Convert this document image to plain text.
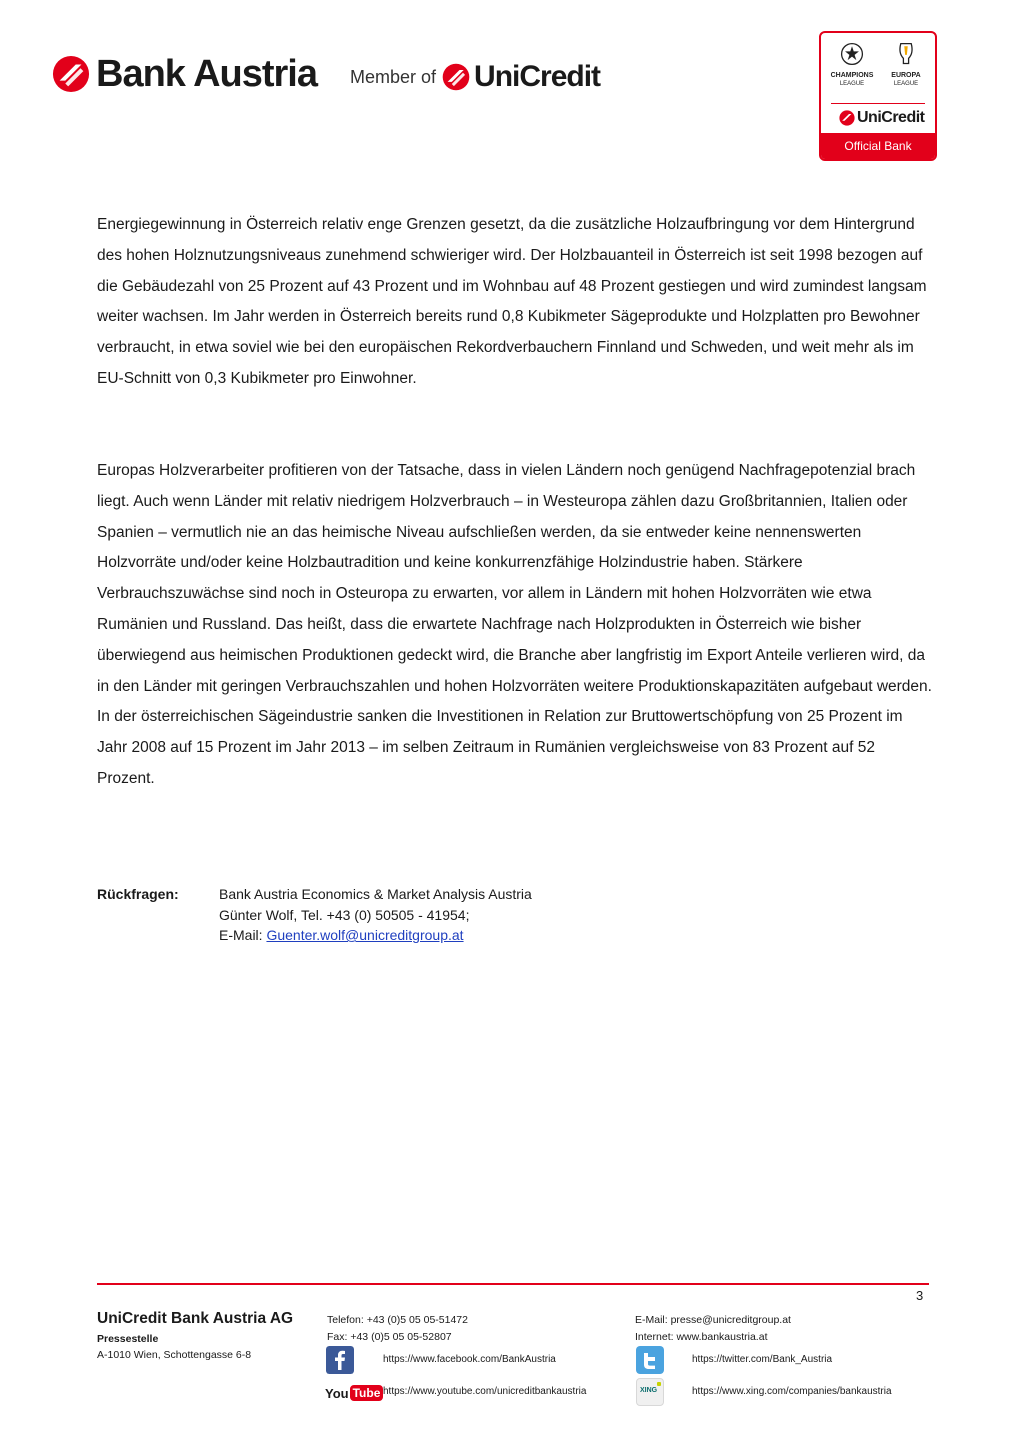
Bank Austria Member of UniCredit	CHAMPIONS
LEAGUE
EUROPA
LEAGUE
UniCredit
Official Bank
Energiegewinnung in Österreich relativ enge Grenzen gesetzt, da die zusätzliche Holzaufbringung vor dem Hintergrund des hohen Holznutzungsniveaus zunehmend schwieriger wird. Der Holzbauanteil in Österreich ist seit 1998 bezogen auf die Gebäudezahl von 25 Prozent auf 43 Prozent und im Wohnbau auf 48 Prozent gestiegen und wird zumindest langsam weiter wachsen. Im Jahr werden in Österreich bereits rund 0,8 Kubikmeter Sägeprodukte und Holzplatten pro Bewohner verbraucht, in etwa soviel wie bei den europäischen Rekordverbauchern Finnland und Schweden, und weit mehr als im EU-Schnitt von 0,3 Kubikmeter pro Einwohner.
Europas Holzverarbeiter profitieren von der Tatsache, dass in vielen Ländern noch genügend Nachfragepotenzial brach liegt. Auch wenn Länder mit relativ niedrigem Holzverbrauch – in Westeuropa zählen dazu Großbritannien, Italien oder Spanien – vermutlich nie an das heimische Niveau aufschließen werden, da sie entweder keine nennenswerten Holzvorräte und/oder keine Holzbautradition und keine konkurrenzfähige Holzindustrie haben. Stärkere Verbrauchszuwächse sind noch in Osteuropa zu erwarten, vor allem in Ländern mit hohen Holzvorräten wie etwa Rumänien und Russland. Das heißt, dass die erwartete Nachfrage nach Holzprodukten in Österreich wie bisher überwiegend aus heimischen Produktionen gedeckt wird, die Branche aber langfristig im Export Anteile verlieren wird, da in den Länder mit geringen Verbrauchszahlen und hohen Holzvorräten weitere Produktionskapazitäten aufgebaut werden. In der österreichischen Sägeindustrie sanken die Investitionen in Relation zur Bruttowertschöpfung von 25 Prozent im Jahr 2008 auf 15 Prozent im Jahr 2013 – im selben Zeitraum in Rumänien vergleichsweise von 83 Prozent auf 52 Prozent.
Rückfragen:	Bank Austria Economics & Market Analysis Austria
Günter Wolf, Tel. +43 (0) 50505 - 41954;
E-Mail: Guenter.wolf@unicreditgroup.at
3
UniCredit Bank Austria AG
Pressestelle
A-1010 Wien, Schottengasse 6-8
Telefon: +43 (0)5 05 05-51472
Fax: +43 (0)5 05 05-52807
E-Mail: presse@unicreditgroup.at
Internet: www.bankaustria.at
https://www.facebook.com/BankAustria	https://twitter.com/Bank_Austria
You Tube https://www.youtube.com/unicreditbankaustria	XING	https://www.xing.com/companies/bankaustria
